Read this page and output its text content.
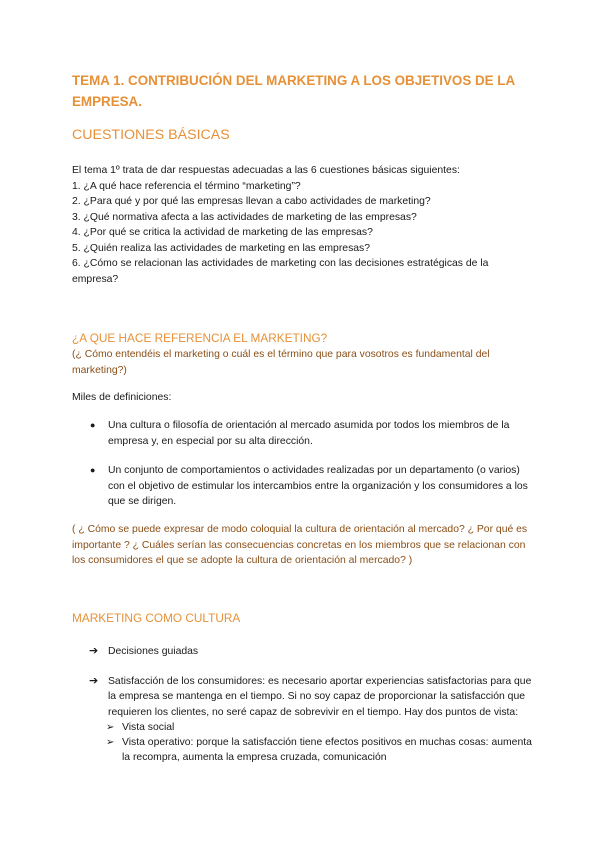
TEMA 1. CONTRIBUCIÓN DEL MARKETING A LOS OBJETIVOS DE LA EMPRESA.
CUESTIONES BÁSICAS
El tema 1º trata de dar respuestas adecuadas a las 6 cuestiones básicas siguientes:
1. ¿A qué hace referencia el término “marketing”?
2. ¿Para qué y por qué las empresas llevan a cabo actividades de marketing?
3. ¿Qué normativa afecta a las actividades de marketing de las empresas?
4. ¿Por qué se critica la actividad de marketing de las empresas?
5. ¿Quién realiza las actividades de marketing en las empresas?
6. ¿Cómo se relacionan las actividades de marketing con las decisiones estratégicas de la empresa?
¿A QUE HACE REFERENCIA EL MARKETING?
(¿ Cómo entendéis el marketing o cuál es el término que para vosotros es fundamental del marketing?)
Miles de definiciones:
● Una cultura o filosofía de orientación al mercado asumida por todos los miembros de la empresa y, en especial por su alta dirección.
● Un conjunto de comportamientos o actividades realizadas por un departamento (o varios) con el objetivo de estimular los intercambios entre la organización y los consumidores a los que se dirigen.
( ¿ Cómo se puede expresar de modo coloquial la cultura de orientación al mercado? ¿ Por qué es importante ? ¿ Cuáles serían las consecuencias concretas en los miembros que se relacionan con los consumidores el que se adopte la cultura de orientación al mercado? )
MARKETING COMO CULTURA
➔ Decisiones guiadas
➔ Satisfacción de los consumidores: es necesario aportar experiencias satisfactorias para que la empresa se mantenga en el tiempo. Si no soy capaz de proporcionar la satisfacción que requieren los clientes, no seré capaz de sobrevivir en el tiempo. Hay dos puntos de vista:
➢ Vista social
➢ Vista operativo: porque la satisfacción tiene efectos positivos en muchas cosas: aumenta la recompra, aumenta la empresa cruzada, comunicación
